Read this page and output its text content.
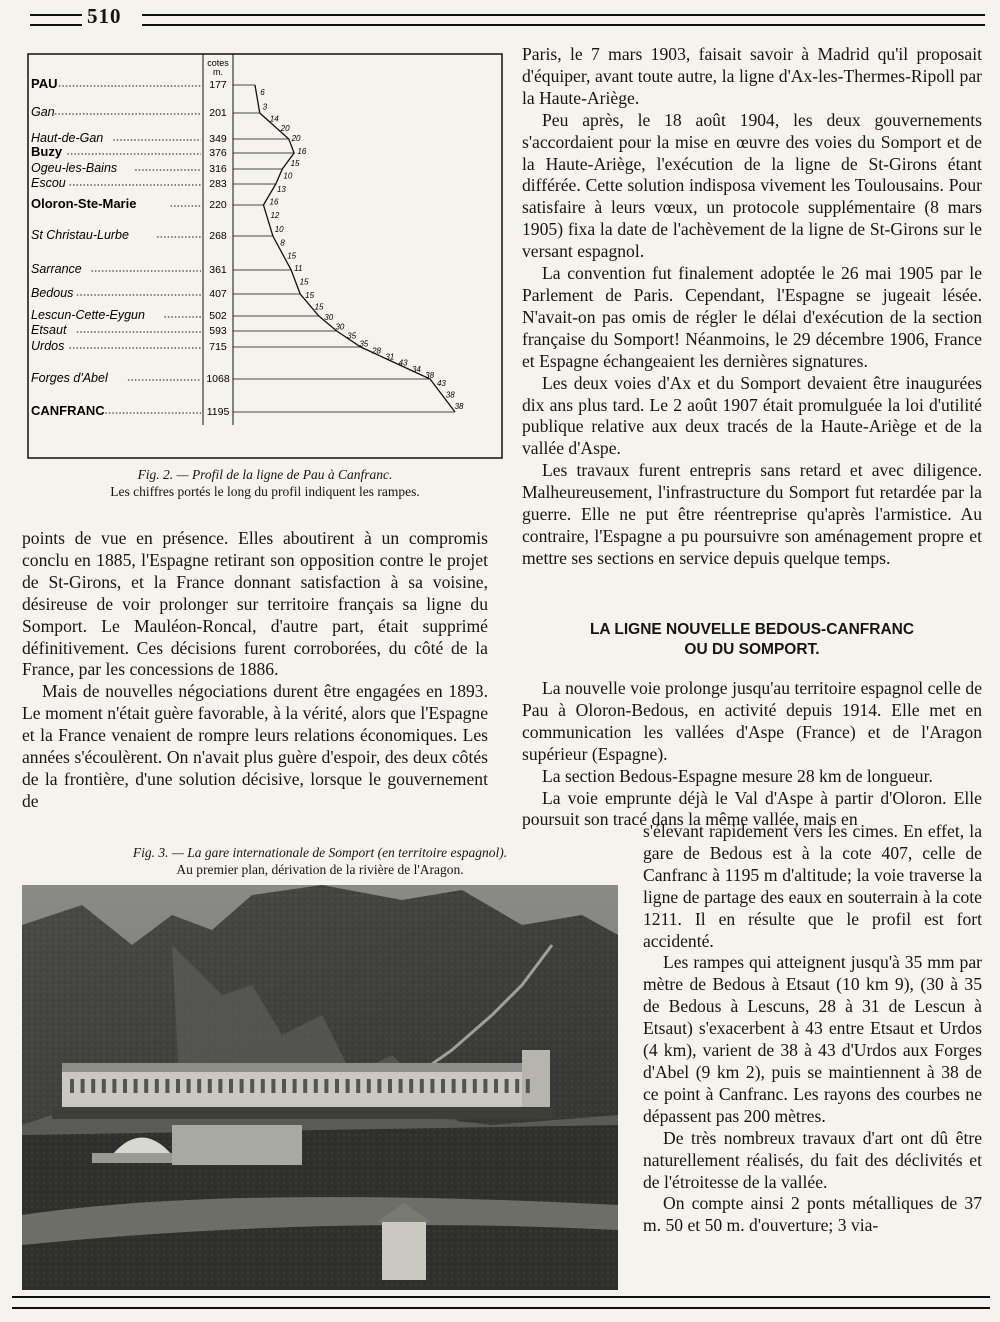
510
cotes
m.
PAU	177
Gan	201
Haut-de-Gan	349
Buzy	376
Ogeu-les-Bains	316
Escou	283
Oloron-Ste-Marie	220
St Christau-Lurbe	268
Sarrance	361
Bedous	407
Lescun-Cette-Eygun	502
Etsaut	593
Urdos	715
Forges d'Abel	1068
CANFRANC	1195
6
3
14
20
20
16
15
10
13
16
12
10
8
15
11
15
15
15
30
30
35
35
28
31
43
34
38
43
38
38
Fig. 2. — Profil de la ligne de Pau à Canfranc.
Les chiffres portés le long du profil indiquent les rampes.

points de vue en présence. Elles aboutirent à un compromis conclu en 1885, l'Espagne retirant son opposition contre le projet de St-Girons, et la France donnant satisfaction à sa voisine, désireuse de voir prolonger sur territoire français sa ligne du Somport. Le Mauléon-Roncal, d'autre part, était supprimé définitivement. Ces décisions furent corroborées, du côté de la France, par les concessions de 1886.

Mais de nouvelles négociations durent être engagées en 1893. Le moment n'était guère favorable, à la vérité, alors que l'Espagne et la France venaient de rompre leurs relations économiques. Les années s'écoulèrent. On n'avait plus guère d'espoir, des deux côtés de la frontière, d'une solution décisive, lorsque le gouvernement de

Fig. 3. — La gare internationale de Somport (en territoire espagnol).
Au premier plan, dérivation de la rivière de l'Aragon.

Paris, le 7 mars 1903, faisait savoir à Madrid qu'il proposait d'équiper, avant toute autre, la ligne d'Ax-les-Thermes-Ripoll par la Haute-Ariège.

Peu après, le 18 août 1904, les deux gouvernements s'accordaient pour la mise en œuvre des voies du Somport et de la Haute-Ariège, l'exécution de la ligne de St-Girons étant différée. Cette solution indisposa vivement les Toulousains. Pour satisfaire à leurs vœux, un protocole supplémentaire (8 mars 1905) fixa la date de l'achèvement de la ligne de St-Girons sur le versant espagnol.

La convention fut finalement adoptée le 26 mai 1905 par le Parlement de Paris. Cependant, l'Espagne se jugeait lésée. N'avait-on pas omis de régler le délai d'exécution de la section française du Somport! Néanmoins, le 29 décembre 1906, France et Espagne échangeaient les dernières signatures.

Les deux voies d'Ax et du Somport devaient être inaugurées dix ans plus tard. Le 2 août 1907 était promulguée la loi d'utilité publique relative aux deux tracés de la Haute-Ariège et de la vallée d'Aspe.

Les travaux furent entrepris sans retard et avec diligence. Malheureusement, l'infrastructure du Somport fut retardée par la guerre. Elle ne put être réentreprise qu'après l'armistice. Au contraire, l'Espagne a pu poursuivre son aménagement propre et mettre ses sections en service depuis quelque temps.

LA LIGNE NOUVELLE BEDOUS-CANFRANC
OU DU SOMPORT.

La nouvelle voie prolonge jusqu'au territoire espagnol celle de Pau à Oloron-Bedous, en activité depuis 1914. Elle met en communication les vallées d'Aspe (France) et de l'Aragon supérieur (Espagne).

La section Bedous-Espagne mesure 28 km de longueur.

La voie emprunte déjà le Val d'Aspe à partir d'Oloron. Elle poursuit son tracé dans la même vallée, mais en

s'élevant rapidement vers les cimes. En effet, la gare de Bedous est à la cote 407, celle de Canfranc à 1195 m d'altitude; la voie traverse la ligne de partage des eaux en souterrain à la cote 1211. Il en résulte que le profil est fort accidenté.

Les rampes qui atteignent jusqu'à 35 mm par mètre de Bedous à Etsaut (10 km 9), (30 à 35 de Bedous à Lescuns, 28 à 31 de Lescun à Etsaut) s'exacerbent à 43 entre Etsaut et Urdos (4 km), varient de 38 à 43 d'Urdos aux Forges d'Abel (9 km 2), puis se maintiennent à 38 de ce point à Canfranc. Les rayons des courbes ne dépassent pas 200 mètres.

De très nombreux travaux d'art ont dû être naturellement réalisés, du fait des déclivités et de l'étroitesse de la vallée.

On compte ainsi 2 ponts métalliques de 37 m. 50 et 50 m. d'ouverture; 3 via-
